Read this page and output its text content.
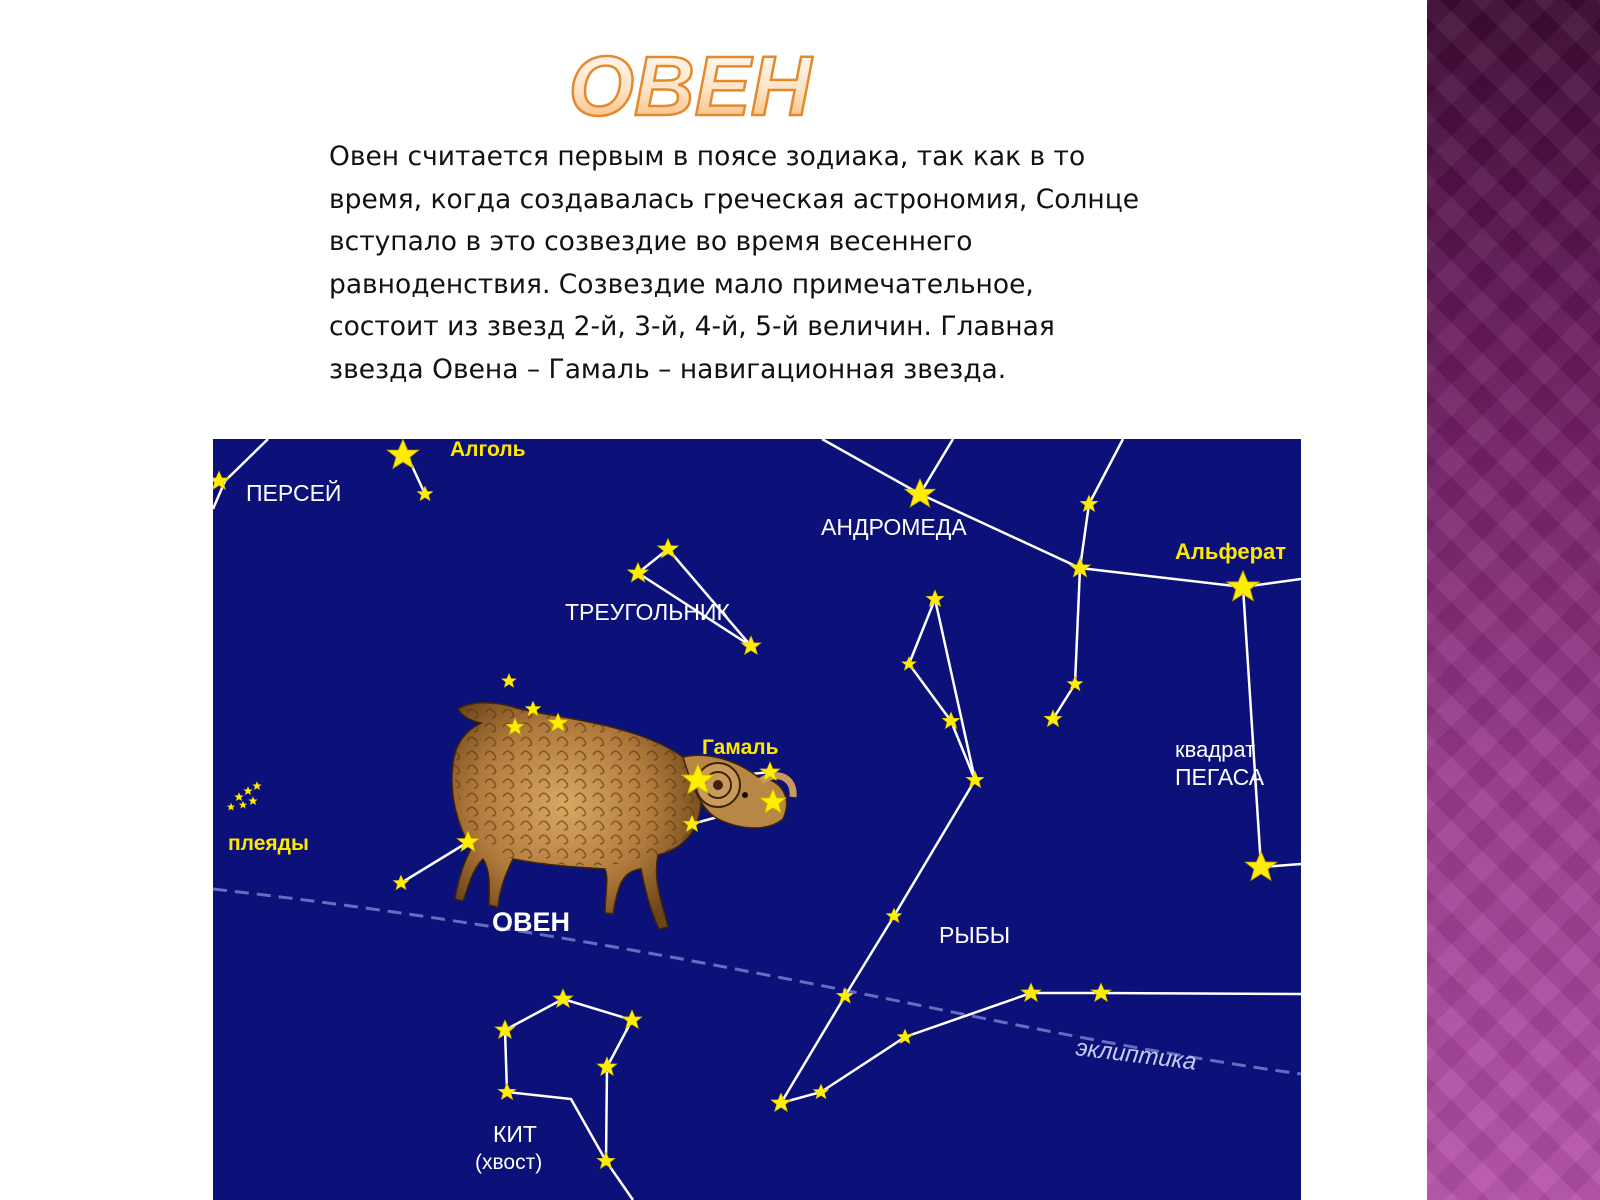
ОВЕН
Овен считается первым в поясе зодиака, так как в то время, когда создавалась греческая астрономия, Солнце вступало в это созвездие во время весеннего равноденствия. Созвездие мало примечательное, состоит из звезд 2-й, 3-й, 4-й, 5-й величин. Главная звезда Овена – Гамаль – навигационная звезда.
ПЕРСЕЙ
Алголь
АНДРОМЕДА
Альферат
ТРЕУГОЛЬНИК
Гамаль
плеяды
ОВЕН
квадрат
ПЕГАСА
РЫБЫ
эклиптика
КИТ
(хвост)
